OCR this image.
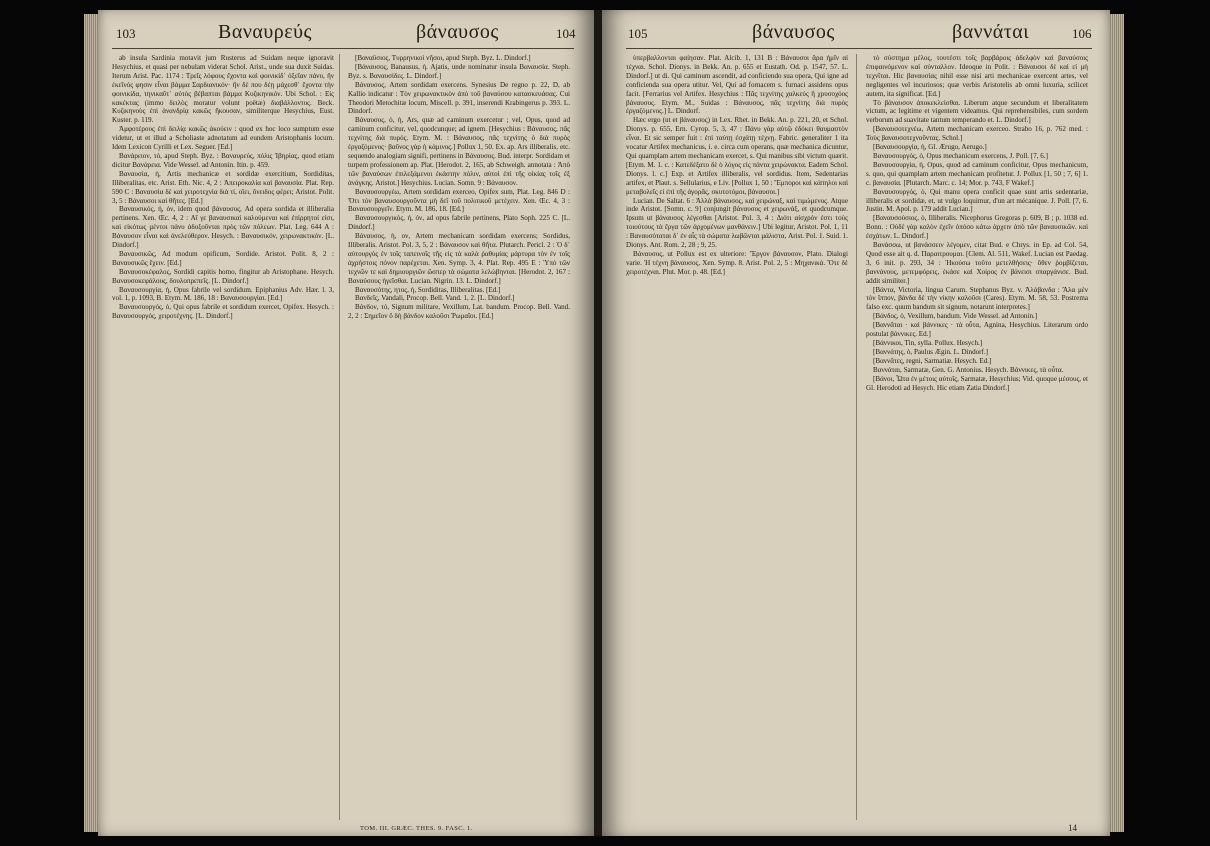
103	Βαναυρεύς	βάναυσος	104

ab insula Sardinia motavit jum Rusterus ad Suidam neque ignoravit Hesychius, et quasi per nebulam viderat Schol. Arist., unde sua duxit Suidas. Iterum Arist. Pac. 1174 : Τρεῖς λόφους ἔχοντα καὶ φοινικίδ᾽ ὀξεῖαν πάνυ, ἣν ἐκεῖνός φησιν εἶναι βάμμα Σαρδιανικόν· ἢν δὲ που δέῃ μάχεσθ᾽ ἔχοντα τὴν φοινικίδα, τηνικαῦτ᾽ αὐτὸς βέβαπται βάμμα Κυζικηνικόν. Ubi Schol. : Εἰς κακέκτας (immo δειλὸς moratur volunt poëtæ) διαβάλλοντος. Beck. Κυζικηνοὺς ἐπὶ ἀνανδρίᾳ κακῶς ἤκουσαν, similiterque Hesychius, Eust. Kuster. p. 119.

Ἀμφοτέρους ἐπὶ δειλίᾳ κακῶς ἀκούειν : quod ex hoc loco sumptum esse videtur, ut et illud a Scholiaste adnotatum ad eundem Aristophanis locum. Idem Lexicon Cyrilli et Lex. Seguer. [Ed.]

Βανάρειον, τό, apud Steph. Byz. : Βαναυρεύς, πόλις Ἰβηρίας, quod etiam dicitur Βανάρεια. Vide Wessel. ad Antonin. Itin. p. 459.

Βαναυσία, ἡ, Artis mechanicæ et sordidæ exercitium, Sordiditas, Illiberalitas, etc. Arist. Eth. Nic. 4, 2 : Ἀπειροκαλία καὶ βαναυσία. Plat. Rep. 590 C : Βαναυσία δὲ καὶ χειροτεχνία διὰ τί, οἴει, ὄνειδος φέρει; Aristot. Polit. 3, 5 : Βάναυσοι καὶ θῆτες. [Ed.]

Βαναυσικός, ή, όν, idem quod βάναυσος, Ad opera sordida et illiberalia pertinens. Xen. Œc. 4, 2 : Αἵ γε βαναυσικαὶ καλούμεναι καὶ ἐπίρρητοί εἰσι, καὶ εἰκότως μέντοι πάνυ ἀδοξοῦνται πρὸς τῶν πόλεων. Plat. Leg. 644 A : Βάναυσον εἶναι καὶ ἀνελεύθερον. Hesych. : Βαναυσικόν, χειρωνακτικόν. [L. Dindorf.]

Βαναυσικῶς, Ad modum opificum, Sordide. Aristot. Polit. 8, 2 : Βαναυσικῶς ἔχειν. [Ed.]

Βαναυσοκέφαλος, Sordidi capitis homo, fingitur ab Aristophane. Hesych. Βαναυσοκεφάλους, δουλοπρεπεῖς. [L. Dindorf.]

Βαναυσουργία, ἡ, Opus fabrile vel sordidum. Epiphanius Adv. Hær. l. 3, vol. 1, p. 1093, B. Etym. M. 186, 18 : Βαναυσουργίαι. [Ed.]

Βαναυσουργός, ὁ, Qui opus fabrile et sordidum exercet, Opifex. Hesych. : Βαναυσουργός, χειροτέχνης. [L. Dindorf.]

[Βαναΰσιος, Τυρρηνικοὶ νῆσοι, apud Steph. Byz. L. Dindorf.]

[Βάναυσος, Banausus, ἡ. Ajatis, unde nominatur insula Βαναυσία. Steph. Byz. s. Βαναυσίδες. L. Dindorf.]

Βάναυσος, Artem sordidam exercens. Synesius De regno p. 22, D, ab Kallio indicatur : Τὸν χειρωνακτικὸν ἀπὸ τοῦ βαναύσου κατασκευάσας. Cui Theodori Metochitæ locum, Miscell. p. 391, inserendi Krabingerus p. 393. L. Dindorf.

Βάναυσος, ὁ, ἡ, Ars, quæ ad caminum exercetur ; vel, Opus, quod ad caminum conficitur, vel, quodcunque; ad ignem. [Hesychius : Βάναυσος, πᾶς τεχνίτης διὰ πυρός. Etym. M. : Βάναυσος, πᾶς τεχνίτης ὁ διὰ πυρὸς ἐργαζόμενος· βαῦνος γὰρ ἡ κάμινος.] Pollux 1, 50. Ex. ap. Ars illiberalis, etc. sequendo analogiam signifi, pertinens in Βάναυσος. Bud. interpr. Sordidam et turpem professionem ap. Plat. [Herodot. 2, 165, ab Schweigh. annotata : Ἀπὸ τῶν βαναύσων ἐπιλεξάμενοι ἑκάστην πόλιν, αὐτοὶ ἐπὶ τῆς οἰκίας τοῖς ἐξ ἀνάγκης. Aristot.] Hesychius. Lucian. Somn. 9 : Βάναυσον.

Βαναυσουργέω, Artem sordidam exerceo, Opifex sum, Plat. Leg. 846 D : Ὅτι τὸν βαναυσουργοῦντα μὴ δεῖ τοῦ πολιτικοῦ μετέχειν. Xen. Œc. 4, 3 : Βαναυσουργεῖν. Etym. M. 186, 18. [Ed.]

Βαναυσουργικός, ή, όν, ad opus fabrile pertinens, Plato Soph. 225 C. [L. Dindorf.]

Βάναυσος, ἡ, ον, Artem mechanicam sordidam exercens; Sordidus, Illiberalis. Aristot. Pol. 3, 5, 2 : Βάναυσον καὶ θῆτα. Plutarch. Pericl. 2 : Ὁ δ᾽ αὐτουργὸς ἐν τοῖς ταπεινοῖς τῆς εἰς τὰ καλὰ ῥαθυμίας μάρτυρα τὸν ἐν τοῖς ἀχρήστοις πόνον παρέχεται. Xen. Symp. 3, 4. Plat. Rep. 495 E : Ὑπὸ τῶν τεχνῶν τε καὶ δημιουργιῶν ὥσπερ τὰ σώματα λελώβηνται. [Herodot. 2, 167 : Βαναύσους ἡγεῖσθαι. Lucian. Nigrin. 13. L. Dindorf.]

Βαναυσότης, ητος, ἡ, Sordiditas, Illiberalitas. [Ed.]

Βανδεῖς, Vandali, Procop. Bell. Vand. 1, 2. [L. Dindorf.]

Βάνδον, τό, Signum militare, Vexillum, Lat. bandum. Procop. Bell. Vand. 2, 2 : Σημεῖον ὃ δὴ βάνδον καλοῦσι Ῥωμαῖοι. [Ed.]

TOM. III. GRÆC. THES. 9. FASC. 1.
105	βάναυσος	βαννάται	106

ὑπερβαλλονται φαίησαν. Plat. Alcib. 1, 131 B : Βάναυσοι ἄρα ἡμῖν αἱ τέχναι. Schol. Dionys. in Bekk. An. p. 655 et Eustath. Od. p. 1547, 57. L. Dindorf.] ut di. Qui caminum ascendit, ad conficiendo sua opera, Qui igne ad conficienda sua opera utitur. Vel, Qui ad fornacem s. furnaci assidens opus facit. [Ferrarius vel Artifex. Hesychius : Πᾶς τεχνίτης χαλκεύς ἢ χρυσοχόος βάναυσος. Etym. M., Suidas : Βάναυσος, πᾶς τεχνίτης διὰ πυρὸς ἐργαζόμενος.] L. Dindorf.

Hæc ergo (ut et βάναυσος) in Lex. Rhet. in Bekk. An. p. 221, 20, et Schol. Dionys. p. 655, Ern. Cyrop. 5, 3, 47 : Πάνυ γὰρ αὐτῷ ἐδόκει θαυμαστὸν εἶναι. Et sic semper fuit : ἐπὶ ταύτῃ ἐσχάτῃ τέχνῃ. Fabric. generaliter 1 ita vocatur Artifex mechanicus, i. e. circa cum operans, quæ mechanica dicuntur, Qui quamplam artem mechanicam exercet, s. Qui manibus sibi victum quærit. [Etym. M. 1. c. : Κατεδέξατο δὲ ὁ λόγος εἰς πάντα χειρώνακτα. Eadem Schol. Dionys. l. c.] Exp. et Artifex illiberalis, vel sordidus. Item, Sedentarias artifex, et Plaut. s. Sellularius, e Liv. [Pollux 1, 50 : Ἔμποροι καὶ κάπηλοι καὶ μεταβολεῖς εἰ ἐπὶ τῆς ἀγορᾶς, σκυτοτόμοι, βάναυσοι.]

Lucian. De Saltat. 6 : Ἀλλὰ βάναυσος, καὶ χειρώναξ, καὶ τιμώμενος. Atque inde Aristot. [Somn. c. 9] conjungit βάναυσος et χειρωνάξ, et quodcumque. Ipsum ut βάναυσος λέγεσθαι [Aristot. Pol. 3, 4 : Διότι αἰσχρόν ἐστι τοὺς τοιούτους τὰ ἔργα τῶν ἀρχομένων μανθάνειν.] Ubi legitur, Aristot. Pol. 1, 11 : Βαναυσόταται δ᾽ ἐν αἷς τὰ σώματα λωβῶνται μάλιστα, Arist. Pol. 1. Suid. 1. Dionys. Ant. Rom. 2, 28 ; 9, 25.

Βάναυσος, ut Pollux est ex ulteriore: Ἔργον βάναυσον, Plato. Dialogi varie. Ἡ τέχνη βάναυσος, Xen. Symp. 8. Arist. Pol. 2, 5 : Μηχανικά. Ὅτε δὲ χειροτέχναι. Plut. Mor. p. 48. [Ed.]

τὸ σύστημα μέλος, τουτέστι τοῖς βαρβάροις ἀδελφὸν καὶ βαναύσοις ἐπιφαινόμενον καὶ σύνταλλον. Ideoque in Polit. : Βάναυσοι δὲ καὶ εἰ μὴ τεχνῖται. Hic βαναυσίας nihil esse nisi arti mechanicae exercent artes, vel negligentes vel incuriosos; quæ verbis Aristotelis ab omni luxuria, scilicet autem, ita significat. [Ed.]

Τὸ βάναυσον ἀποκεκλείσθαι. Liberum atque secundum et liberalitatem victum, ac legitime et vigentem videamus. Qui reprehensibiles, cum sordem verborum ad suavitate tantum temperando et. L. Dindorf.]

[Βαναυσοτεχνέω, Artem mechanicam exerceo. Strabo 16, p. 762 med. : Τοὺς βαναυσοτεχνοῦντας. Schol.]

[Βαναυσουργία, ἡ, Gl. Ærugo, Aerugo.]

Βαναυσουργός, ὁ, Opus mechanicum exercens, J. Poll. [7, 6.]

Βαναυσουργία, ἡ, Opus, quod ad caminum conficitur, Opus mechanicum, s. quo, qui quamplam artem mechanicam profitetur. J. Pollux [1, 50 ; 7, 6] 1. c. βαναυσία. [Plutarch. Marc. c. 14; Mor. p. 743, F Wakef.]

Βαναυσουργός, ὁ, Qui manu opera conficit quae sunt artis sedentariæ, illiberalis et sordidæ, et, ut vulgo loquimur, d'un art mécanique. J. Poll. [7, 6. Justin. M. Apol. p. 179 addit Lucian.]

[Βαναυσούσιος, ὁ, Illiberalis. Nicephorus Gregoras p. 609, B ; p. 1038 ed. Bonn. : Οὐδὲ γὰρ καλὸν ἐχεῖν ὁπόσο κάτω ἀρχειν ἀπὸ τῶν βαναυσικῶν. καὶ ἐσχάτων. L. Dindorf.]

Βανάσσω, ut βανάσσειν λέγομεν, citat Bud. e Chrys. in Ep. ad Col. 54, Quod esse ait q. d. Παραιτρουμαι. [Clem. Al. 511, Wakef. Lucian est Paedag. 3, 6 init. p. 293, 34 : Ἠκούσω τοῦτο μετελθήσεις· ὅθεν ῥομβίζεται, βαννάνους, μετεμφόρεις, ἐκάσε καὶ Χοίρος ἐν βάνεισι σπαργάνισε. Bud. addit similiter.]

[Βάντα, Victoria, lingua Carum. Stephanus Byz. v. Ἀλάβανδα : Ἄλα μὲν τὸν ἵππον, βάνδα δὲ τὴν νίκην καλοῦσι (Cares). Etym. M. 58, 53. Postrema falso exc. quum bandum sit signum, notarunt interpretes.]

[Βάνδος, ὁ, Vexillum, bandum. Vide Wessel. ad Antonin.]

[Βαννᾶται · καὶ βάννικες · τὰ οὖτα, Agnina, Hesychius. Literarum ordo postulat βάννικες. Ed.]

[Βάννικοι, Tin, sylla. Pollux. Hesych.]

[Βαννάτης, ὁ, Paulus Ægin. L. Dindorf.]

[Βαννᾶτες, regni, Sarmatiæ. Hesych. Ed.]

Βαννάται, Sarmatæ, Gen. G. Antonius. Hesych. Βάννικες, τὰ οὖτα.

[Βάνοι, Ὦτα ἐν μέτοις αὐτοῖς, Sarmatæ, Hesychius; Vid. quoque μέσους, et Gl. Herodoti ad Hesych. Hic etiam Zatia Dindorf.]

14
